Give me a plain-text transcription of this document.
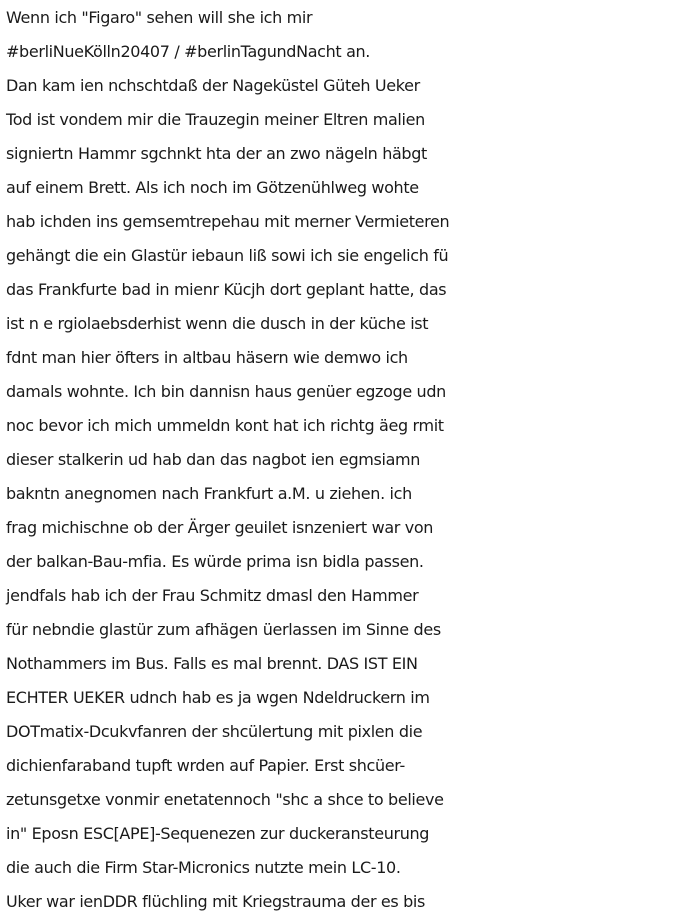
Wenn ich "Figaro" sehen will she ich mir
#berliNueKölln20407 / #berlinTagundNacht an.
Dan kam ien nchschtdaß der Nageküstel Güteh Ueker
Tod ist vondem mir die Trauzegin meiner Eltren malien
signiertn Hammr sgchnkt hta der an zwo nägeln häbgt
auf einem Brett. Als ich noch im Götzenühlweg wohte
hab ichden ins gemsemtrepehau mit merner Vermieteren
gehängt die ein Glastür iebaun liß sowi ich sie engelich fü
das Frankfurte bad in mienr Kücjh dort geplant hatte, das
ist n e rgiolaebsderhist wenn die dusch in der küche ist
fdnt man hier öfters in altbau häsern wie demwo ich
damals wohnte. Ich bin dannisn haus genüer egzoge udn
noc bevor ich mich ummeldn kont hat ich richtg äeg rmit
dieser stalkerin ud hab dan das nagbot ien egmsiamn
bakntn anegnomen nach Frankfurt a.M. u ziehen. ich
frag michischne ob der Ärger geuilet isnzeniert war von
der balkan-Bau-mfia. Es würde prima isn bidla passen.
jendfals hab ich der Frau Schmitz dmasl den Hammer
für nebndie glastür zum afhägen üerlassen im Sinne des
Nothammers im Bus. Falls es mal brennt. DAS IST EIN
ECHTER UEKER udnch hab es ja wgen Ndeldruckern im
DOTmatix-Dcukvfanren der shcülertung mit pixlen die
dichienfaraband tupft wrden auf Papier. Erst shcüer-
zetunsgetxe vonmir enetatennoch "shc a shce to believe
in" Eposn ESC[APE]-Sequenezen zur duckeransteurung
die auch die Firm Star-Micronics nutzte mein LC-10.
Uker war ienDDR flüchling mit Kriegstrauma der es bis
